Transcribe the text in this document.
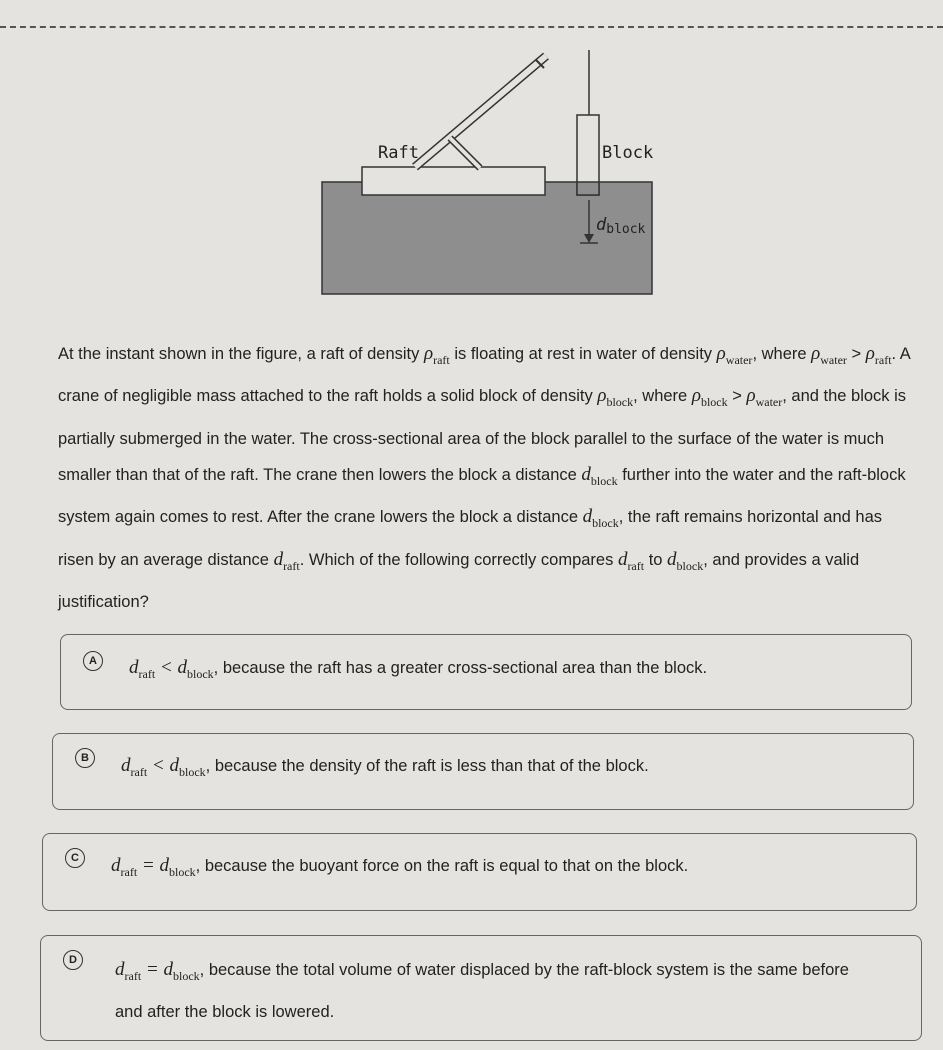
Raft	Block
dblock

At the instant shown in the figure, a raft of density $\rho_{raft}$ is floating at rest in water of density $\rho_{water}$, where $\rho_{water} > \rho_{raft}$. A crane of negligible mass attached to the raft holds a solid block of density $\rho_{block}$, where $\rho_{block} > \rho_{water}$, and the block is partially submerged in the water. The cross-sectional area of the block parallel to the surface of the water is much smaller than that of the raft. The crane then lowers the block a distance $d_{block}$ further into the water and the raft-block system again comes to rest. After the crane lowers the block a distance $d_{block}$, the raft remains horizontal and has risen by an average distance $d_{raft}$. Which of the following correctly compares $d_{raft}$ to $d_{block}$, and provides a valid justification?

A	$d_{raft} < d_{block}$, because the raft has a greater cross-sectional area than the block.
B	$d_{raft} < d_{block}$, because the density of the raft is less than that of the block.
C	$d_{raft} = d_{block}$, because the buoyant force on the raft is equal to that on the block.
D	$d_{raft} = d_{block}$, because the total volume of water displaced by the raft-block system is the same before and after the block is lowered.
